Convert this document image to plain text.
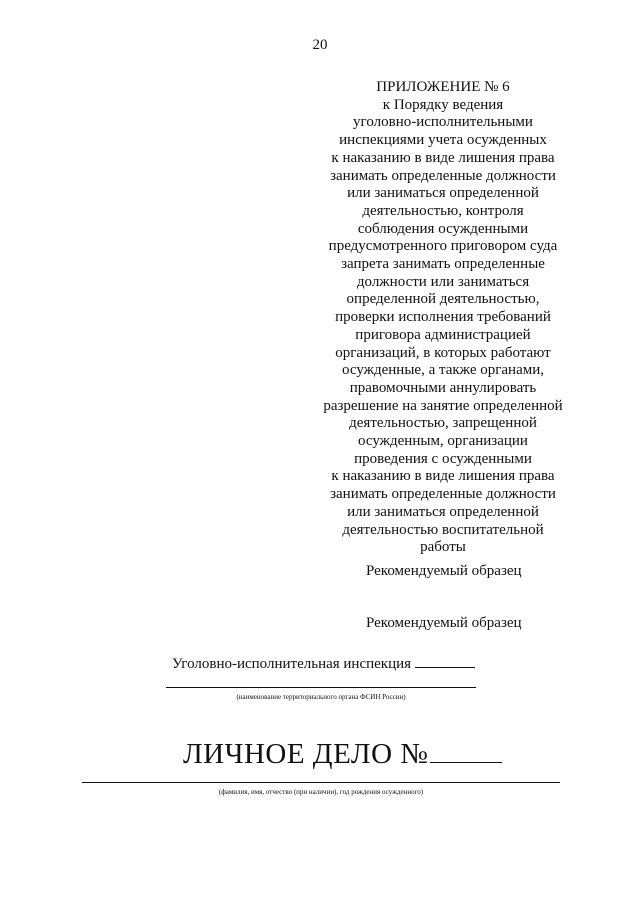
20
ПРИЛОЖЕНИЕ № 6
к Порядку ведения
уголовно-исполнительными
инспекциями учета осужденных
к наказанию в виде лишения права
занимать определенные должности
или заниматься определенной
деятельностью, контроля
соблюдения осужденными
предусмотренного приговором суда
запрета занимать определенные
должности или заниматься
определенной деятельностью,
проверки исполнения требований
приговора администрацией
организаций, в которых работают
осужденные, а также органами,
правомочными аннулировать
разрешение на занятие определенной
деятельностью, запрещенной
осужденным, организации
проведения с осужденными
к наказанию в виде лишения права
занимать определенные должности
или заниматься определенной
деятельностью воспитательной
работы
Рекомендуемый образец
Рекомендуемый образец
Уголовно-исполнительная инспекция
(наименование территориального органа ФСИН России)
ЛИЧНОЕ ДЕЛО №
(фамилия, имя, отчество (при наличии), год рождения осужденного)
